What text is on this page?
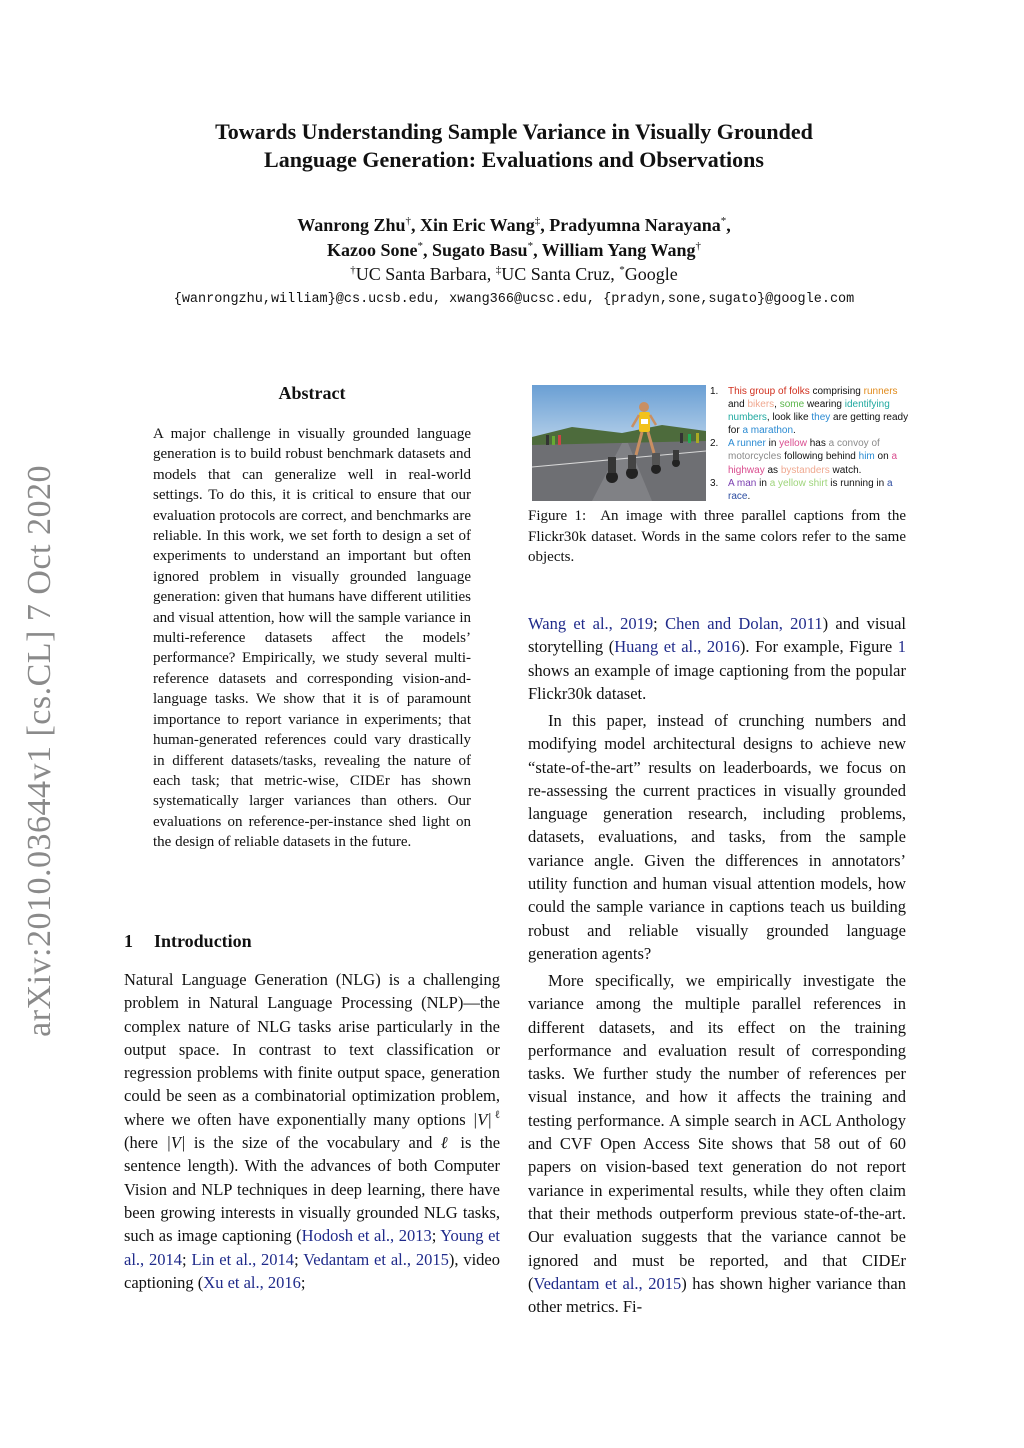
arXiv:2010.03644v1 [cs.CL] 7 Oct 2020
Towards Understanding Sample Variance in Visually Grounded
Language Generation: Evaluations and Observations
Wanrong Zhu†, Xin Eric Wang‡, Pradyumna Narayana*,
Kazoo Sone*, Sugato Basu*, William Yang Wang†
†UC Santa Barbara, ‡UC Santa Cruz, *Google
{wanrongzhu,william}@cs.ucsb.edu, xwang366@ucsc.edu, {pradyn,sone,sugato}@google.com
Abstract

A major challenge in visually grounded language generation is to build robust benchmark datasets and models that can generalize well in real-world settings. To do this, it is critical to ensure that our evaluation protocols are correct, and benchmarks are reliable. In this work, we set forth to design a set of experiments to understand an important but often ignored problem in visually grounded language generation: given that humans have different utilities and visual attention, how will the sample variance in multi-reference datasets affect the models’ performance? Empirically, we study several multi-reference datasets and corresponding vision-and-language tasks. We show that it is of paramount importance to report variance in experiments; that human-generated references could vary drastically in different datasets/tasks, revealing the nature of each task; that metric-wise, CIDEr has shown systematically larger variances than others. Our evaluations on reference-per-instance shed light on the design of reliable datasets in the future.

1 Introduction

Natural Language Generation (NLG) is a challenging problem in Natural Language Processing (NLP)—the complex nature of NLG tasks arise particularly in the output space. In contrast to text classification or regression problems with finite output space, generation could be seen as a combinatorial optimization problem, where we often have exponentially many options $|V|^\ell$ (here |V| is the size of the vocabulary and ℓ is the sentence length). With the advances of both Computer Vision and NLP techniques in deep learning, there have been growing interests in visually grounded NLG tasks, such as image captioning (Hodosh et al., 2013; Young et al., 2014; Lin et al., 2014; Vedantam et al., 2015), video captioning (Xu et al., 2016;

1. This group of folks comprising runners and bikers, some wearing identifying numbers, look like they are getting ready for a marathon.
2. A runner in yellow has a convoy of motorcycles following behind him on a highway as bystanders watch.
3. A man in a yellow shirt is running in a race.

Figure 1: An image with three parallel captions from the Flickr30k dataset. Words in the same colors refer to the same objects.

Wang et al., 2019; Chen and Dolan, 2011) and visual storytelling (Huang et al., 2016). For example, Figure 1 shows an example of image captioning from the popular Flickr30k dataset.

In this paper, instead of crunching numbers and modifying model architectural designs to achieve new “state-of-the-art” results on leaderboards, we focus on re-assessing the current practices in visually grounded language generation research, including problems, datasets, evaluations, and tasks, from the sample variance angle. Given the differences in annotators’ utility function and human visual attention models, how could the sample variance in captions teach us building robust and reliable visually grounded language generation agents?

More specifically, we empirically investigate the variance among the multiple parallel references in different datasets, and its effect on the training performance and evaluation result of corresponding tasks. We further study the number of references per visual instance, and how it affects the training and testing performance. A simple search in ACL Anthology and CVF Open Access Site shows that 58 out of 60 papers on vision-based text generation do not report variance in experimental results, while they often claim that their methods outperform previous state-of-the-art. Our evaluation suggests that the variance cannot be ignored and must be reported, and that CIDEr (Vedantam et al., 2015) has shown higher variance than other metrics. Fi-
